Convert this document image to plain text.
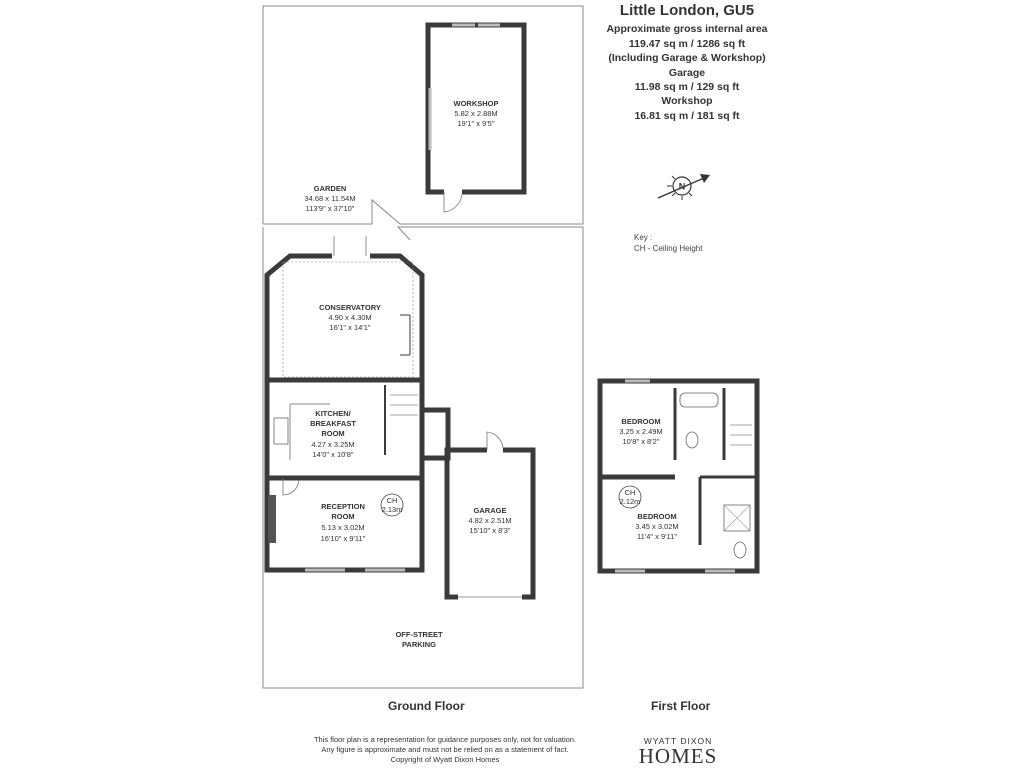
WORKSHOP
5.82 x 2.88M
19'1" x 9'5"
GARDEN
34.68 x 11.54M
113'9" x 37'10"
CONSERVATORY
4.90 x 4.30M
16'1" x 14'1"
KITCHEN/
BREAKFAST
ROOM
4.27 x 3.25M
14'0" x 10'8"
RECEPTION
ROOM
5.13 x 3.02M
16'10" x 9'11"
CH
2.13m	GARAGE
4.82 x 2.51M
15'10" x 8'3"
OFF-STREET
PARKING
BEDROOM
3.25 x 2.49M
10'8" x 8'2"
BEDROOM
3.45 x 3.02M
11'4" x 9'11"
CH
2.12m
N
Little London, GU5
Approximate gross internal area
119.47 sq m / 1286 sq ft
(Including Garage & Workshop)
Garage
11.98 sq m / 129 sq ft
Workshop
16.81 sq m / 181 sq ft
Key :
CH - Ceiling Height
Ground Floor	First Floor
This floor plan is a representation for guidance purposes only, not for valuation.
Any figure is approximate and must not be relied on as a statement of fact.
Copyright of Wyatt Dixon Homes
WYATT DIXON
HOMES
